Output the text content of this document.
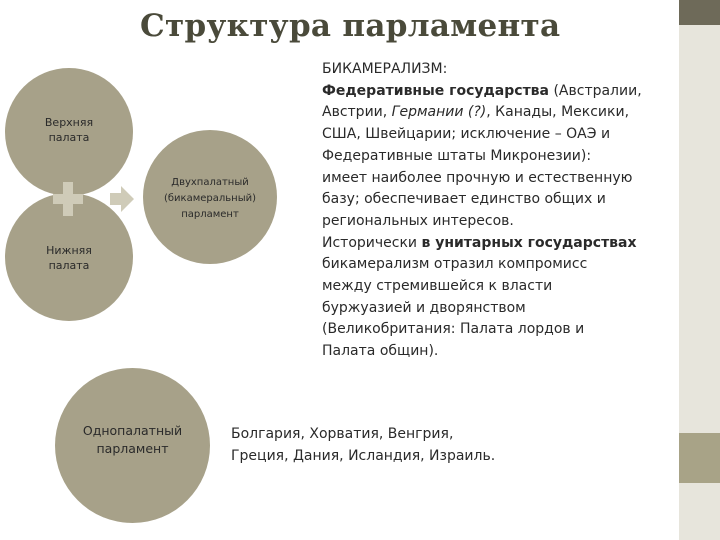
Структура парламента
Верхняя
палата
Нижняя
палата
Двухпалатный
(бикамеральный)
парламент
Однопалатный
парламент
БИКАМЕРАЛИЗМ:
Федеративные государства (Австралии,
Австрии, Германии (?), Канады, Мексики,
США, Швейцарии; исключение – ОАЭ и
Федеративные штаты Микронезии):
имеет наиболее прочную и естественную
базу; обеспечивает единство общих и
региональных интересов.
Исторически в унитарных государствах
бикамерализм отразил компромисс
между стремившейся к власти
буржуазией и дворянством
(Великобритания: Палата лордов и
Палата общин).
Болгария, Хорватия, Венгрия,
Греция, Дания, Исландия, Израиль.
